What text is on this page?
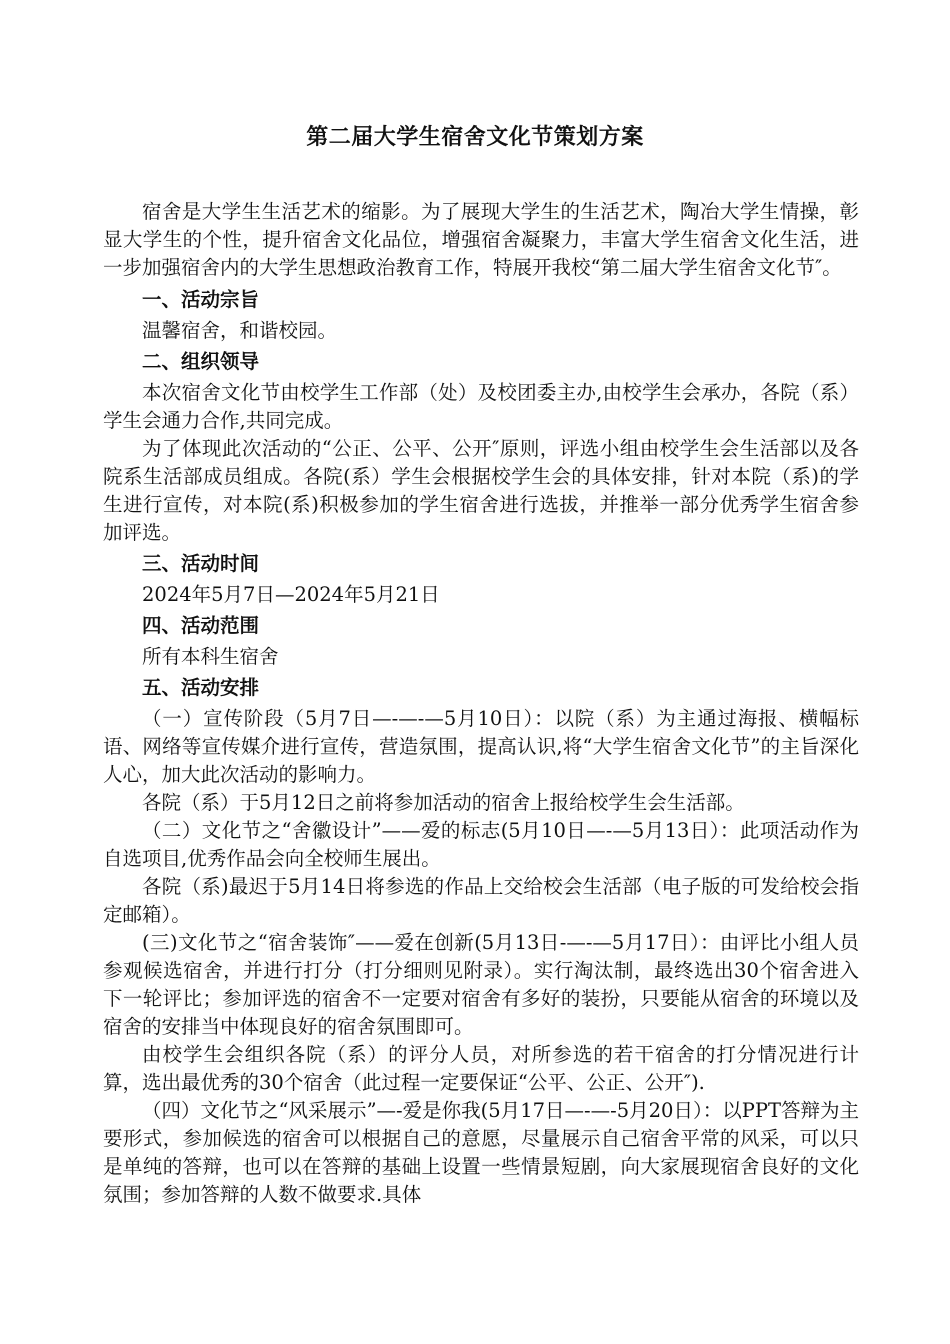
第二届大学生宿舍文化节策划方案

宿舍是大学生生活艺术的缩影。为了展现大学生的生活艺术，陶冶大学生情操，彰显大学生的个性，提升宿舍文化品位，增强宿舍凝聚力，丰富大学生宿舍文化生活，进一步加强宿舍内的大学生思想政治教育工作，特展开我校“第二届大学生宿舍文化节″。

一、活动宗旨

温馨宿舍，和谐校园。

二、组织领导

本次宿舍文化节由校学生工作部（处）及校团委主办,由校学生会承办，各院（系）学生会通力合作,共同完成。

为了体现此次活动的“公正、公平、公开″原则，评选小组由校学生会生活部以及各院系生活部成员组成。各院(系）学生会根据校学生会的具体安排，针对本院（系)的学生进行宣传，对本院(系)积极参加的学生宿舍进行选拔，并推举一部分优秀学生宿舍参加评选。

三、活动时间

2024年5月7日—2024年5月21日

四、活动范围

所有本科生宿舍

五、活动安排

（一）宣传阶段（5月7日—-—-—5月10日）：以院（系）为主通过海报、横幅标语、网络等宣传媒介进行宣传，营造氛围，提高认识,将“大学生宿舍文化节”的主旨深化人心，加大此次活动的影响力。

各院（系）于5月12日之前将参加活动的宿舍上报给校学生会生活部。

（二）文化节之“舍徽设计”——爱的标志(5月10日—-—5月13日）：此项活动作为自选项目,优秀作品会向全校师生展出。

各院（系)最迟于5月14日将参选的作品上交给校会生活部（电子版的可发给校会指定邮箱）。

(三)文化节之“宿舍装饰″——爱在创新(5月13日-—-—5月17日）：由评比小组人员参观候选宿舍，并进行打分（打分细则见附录）。实行淘汰制，最终选出30个宿舍进入下一轮评比；参加评选的宿舍不一定要对宿舍有多好的装扮，只要能从宿舍的环境以及宿舍的安排当中体现良好的宿舍氛围即可。

由校学生会组织各院（系）的评分人员，对所参选的若干宿舍的打分情况进行计算，选出最优秀的30个宿舍（此过程一定要保证“公平、公正、公开″).

（四）文化节之“风采展示”—-爱是你我(5月17日—-—-5月20日）：以PPT答辩为主要形式，参加候选的宿舍可以根据自己的意愿，尽量展示自己宿舍平常的风采，可以只是单纯的答辩，也可以在答辩的基础上设置一些情景短剧，向大家展现宿舍良好的文化氛围；参加答辩的人数不做要求.具体
